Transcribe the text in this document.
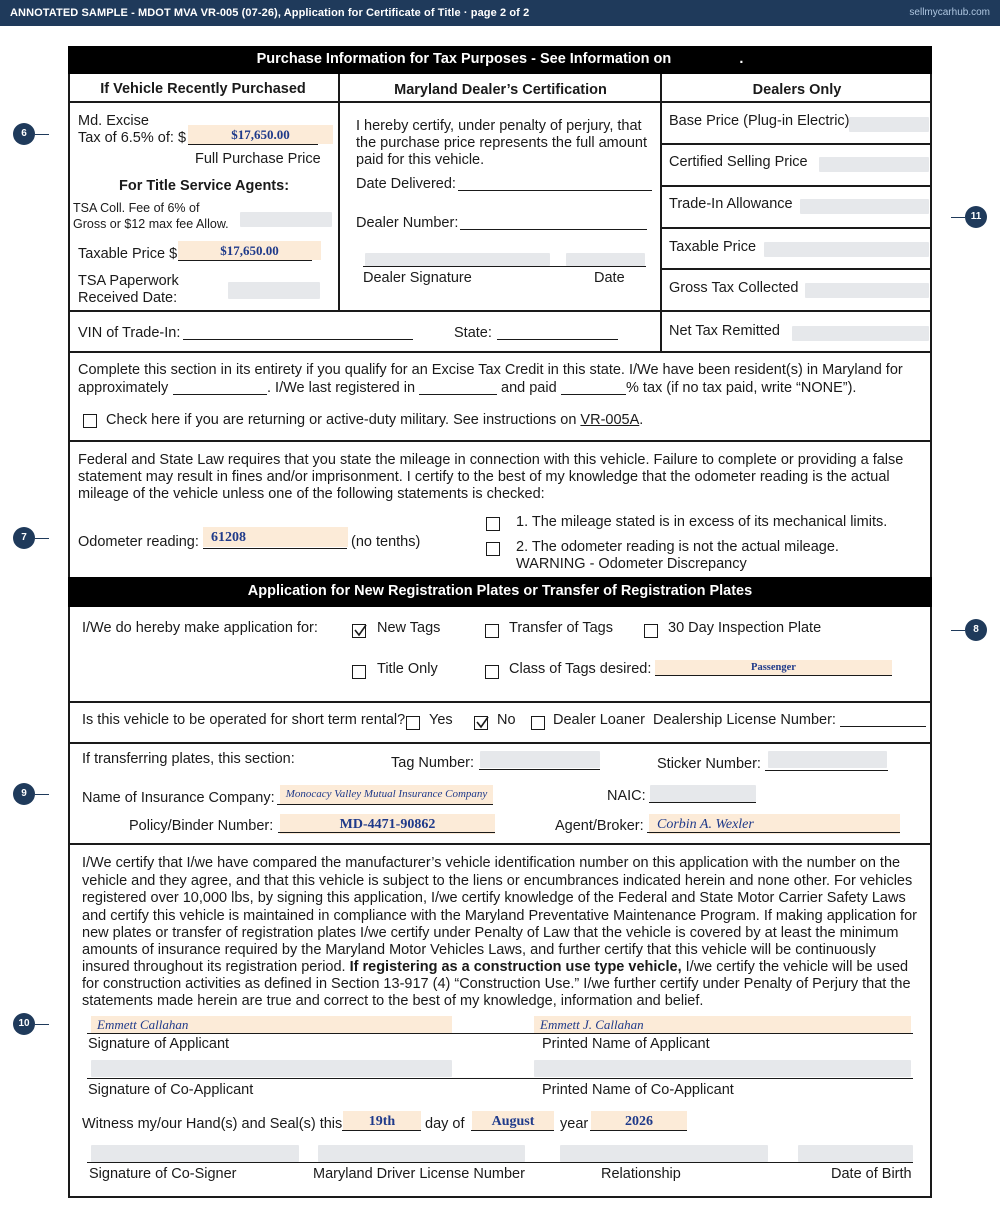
ANNOTATED SAMPLE - MDOT MVA VR-005 (07-26), Application for Certificate of Title · page 2 of 2	sellmycarhub.com
6
11
7
8
9
10
Purchase Information for Tax Purposes - See Information on	.
If Vehicle Recently Purchased	Maryland Dealer’s Certification	Dealers Only
Md. Excise
Tax of 6.5% of: $	$17,650.00
Full Purchase Price
For Title Service Agents:
TSA Coll. Fee of 6% of
Gross or $12 max fee Allow.
Taxable Price $	$17,650.00
TSA Paperwork
Received Date:
I hereby certify, under penalty of perjury, that
the purchase price represents the full amount
paid for this vehicle.
Date Delivered:
Dealer Number:
Dealer Signature	Date
Base Price (Plug-in Electric)
Certified Selling Price
Trade-In Allowance
Taxable Price
Gross Tax Collected
Net Tax Remitted
VIN of Trade-In:	State:
Complete this section in its entirety if you qualify for an Excise Tax Credit in this state. I/We have been resident(s) in Maryland for
approximately	. I/We last registered in	and paid	% tax (if no tax paid, write “NONE”).
Check here if you are returning or active-duty military. See instructions on VR-005A.
Federal and State Law requires that you state the mileage in connection with this vehicle. Failure to complete or providing a false
statement may result in fines and/or imprisonment. I certify to the best of my knowledge that the odometer reading is the actual
mileage of the vehicle unless one of the following statements is checked:
Odometer reading: 61208	(no tenths)
1. The mileage stated is in excess of its mechanical limits.
2. The odometer reading is not the actual mileage.
WARNING - Odometer Discrepancy
Application for New Registration Plates or Transfer of Registration Plates
I/We do hereby make application for:	New Tags	Transfer of Tags	30 Day Inspection Plate
Title Only	Class of Tags desired:	Passenger
Is this vehicle to be operated for short term rental? Yes	No	Dealer Loaner Dealership License Number:
If transferring plates, this section:	Tag Number:	Sticker Number:
Name of Insurance Company:	Monocacy Valley Mutual Insurance Company	NAIC:
Policy/Binder Number:	MD-4471-90862	Agent/Broker: Corbin A. Wexler
I/We certify that I/we have compared the manufacturer’s vehicle identification number on this application with the number on the
vehicle and they agree, and that this vehicle is subject to the liens or encumbrances indicated herein and none other. For vehicles
registered over 10,000 lbs, by signing this application, I/we certify knowledge of the Federal and State Motor Carrier Safety Laws
and certify this vehicle is maintained in compliance with the Maryland Preventative Maintenance Program. If making application for
new plates or transfer of registration plates I/we certify under Penalty of Law that the vehicle is covered by at least the minimum
amounts of insurance required by the Maryland Motor Vehicles Laws, and further certify that this vehicle will be continuously
insured throughout its registration period. If registering as a construction use type vehicle, I/we certify the vehicle will be used
for construction activities as defined in Section 13-917 (4) “Construction Use.” I/we further certify under Penalty of Perjury that the
statements made herein are true and correct to the best of my knowledge, information and belief.
Emmett Callahan	Emmett J. Callahan
Signature of Applicant	Printed Name of Applicant
Signature of Co-Applicant	Printed Name of Co-Applicant
Witness my/our Hand(s) and Seal(s) this	19th	day of	August	year	2026
Signature of Co-Signer	Maryland Driver License Number	Relationship	Date of Birth
